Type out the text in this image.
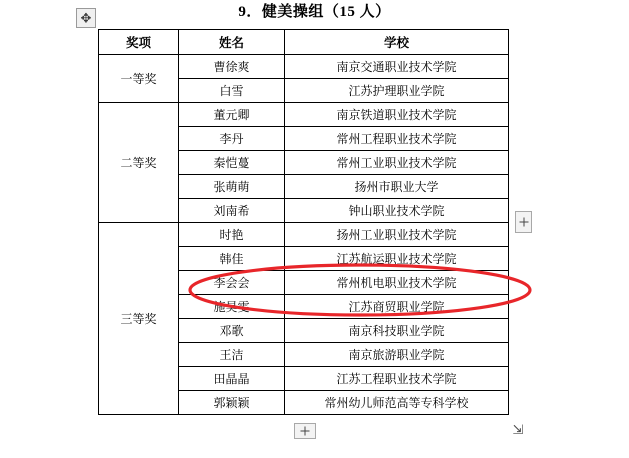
9．健美操组（15 人）
✥
奖项	姓名	学校
一等奖	曹徐爽	南京交通职业技术学院
	白雪	江苏护理职业学院
二等奖	董元卿	南京铁道职业技术学院
	李丹	常州工程职业技术学院
	秦恺蔓	常州工业职业技术学院
	张萌萌	扬州市职业大学
	刘南希	钟山职业技术学院
三等奖	时艳	扬州工业职业技术学院
	韩佳	江苏航运职业技术学院
	李会会	常州机电职业技术学院
	施昊雯	江苏商贸职业学院
	邓歌	南京科技职业学院
	王洁	南京旅游职业学院
	田晶晶	江苏工程职业技术学院
	郭颖颖	常州幼儿师范高等专科学校
⇲
